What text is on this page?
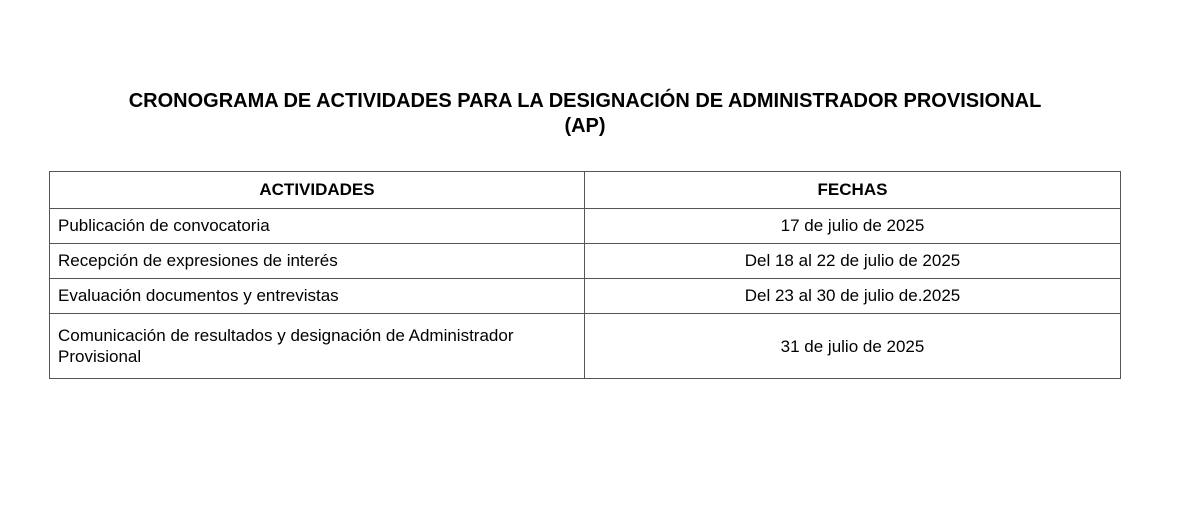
CRONOGRAMA DE ACTIVIDADES PARA LA DESIGNACIÓN DE ADMINISTRADOR PROVISIONAL
(AP)
ACTIVIDADES	FECHAS
Publicación de convocatoria	17 de julio de 2025
Recepción de expresiones de interés	Del 18 al 22 de julio de 2025
Evaluación documentos y entrevistas	Del 23 al 30 de julio de.2025
Comunicación de resultados y designación de Administrador
Provisional	31 de julio de 2025
